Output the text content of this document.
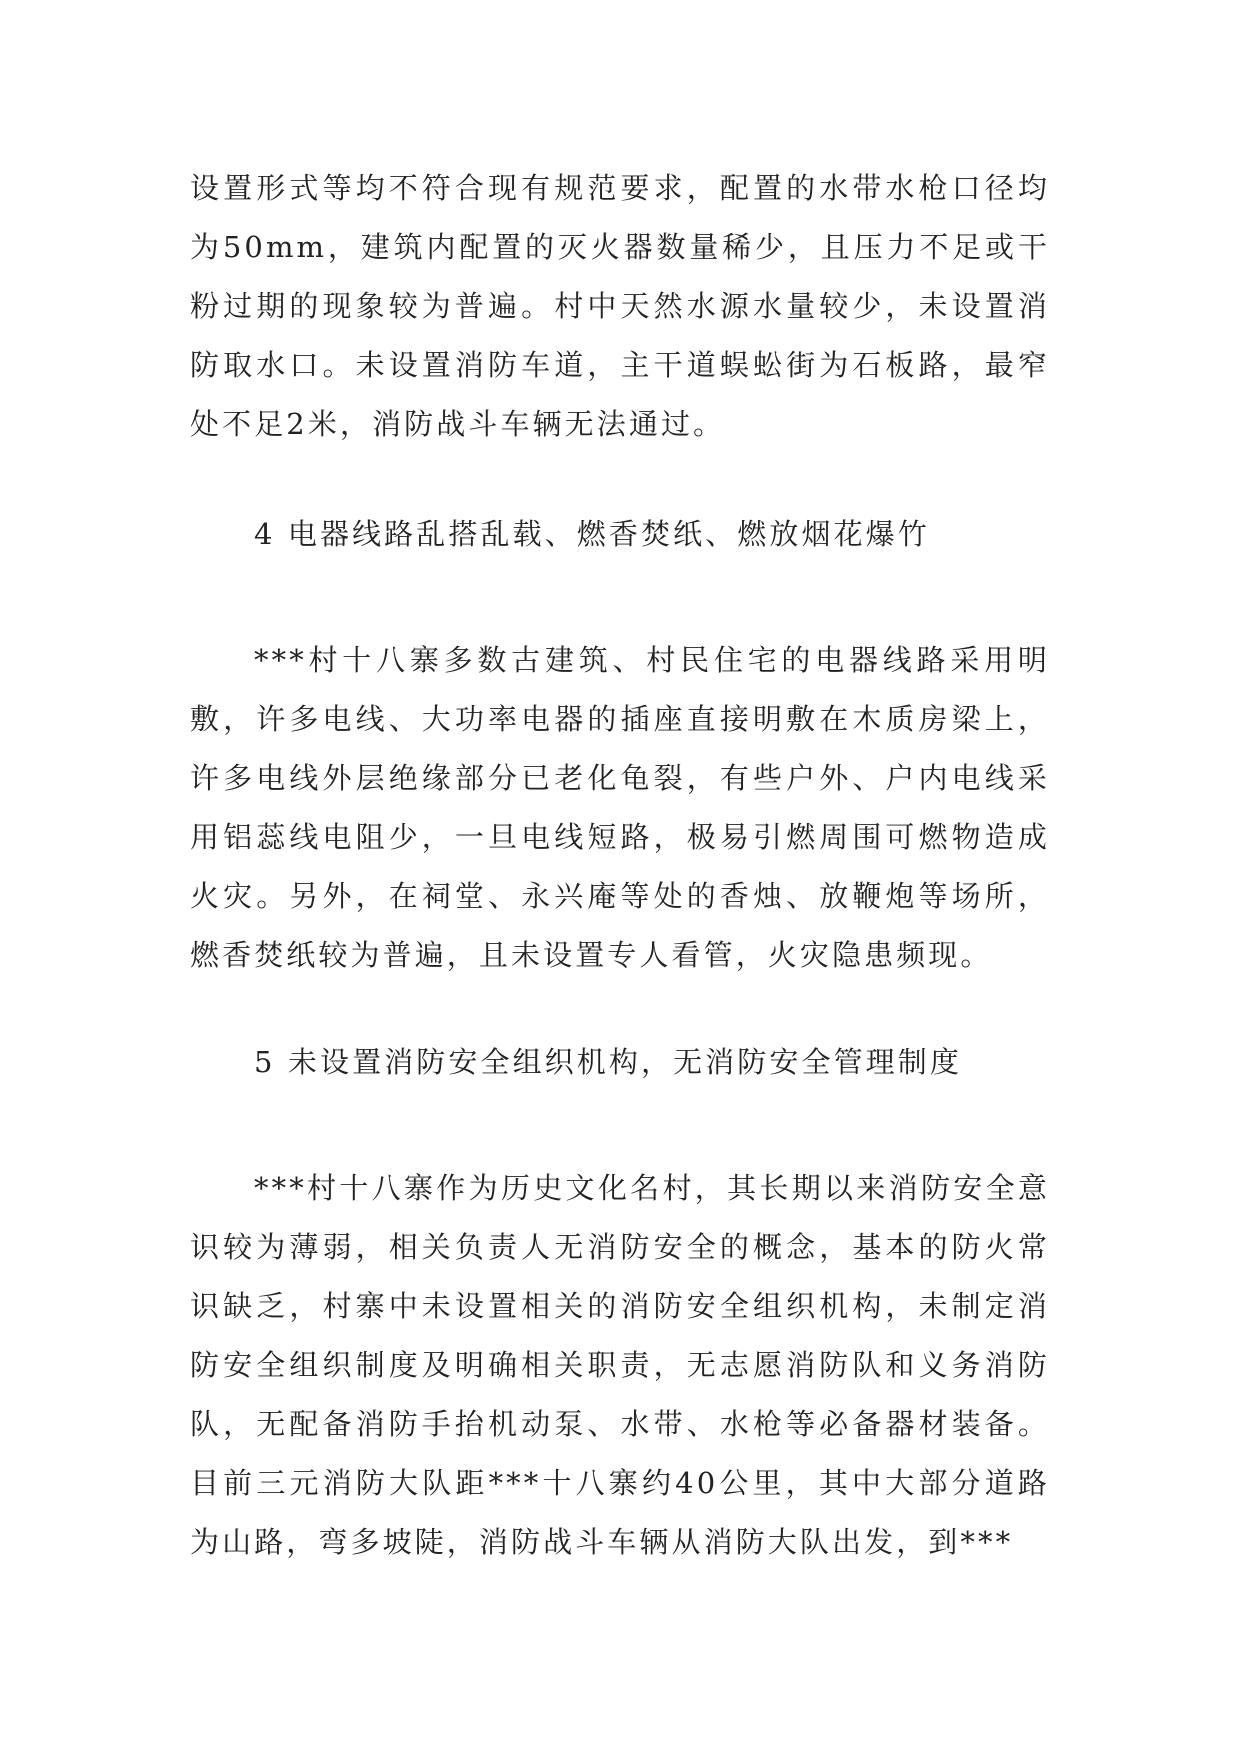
设置形式等均不符合现有规范要求，配置的水带水枪口径均为50mm，建筑内配置的灭火器数量稀少，且压力不足或干粉过期的现象较为普遍。村中天然水源水量较少，未设置消防取水口。未设置消防车道，主干道蜈蚣街为石板路，最窄处不足2米，消防战斗车辆无法通过。

4 电器线路乱搭乱载、燃香焚纸、燃放烟花爆竹

***村十八寨多数古建筑、村民住宅的电器线路采用明敷，许多电线、大功率电器的插座直接明敷在木质房梁上，许多电线外层绝缘部分已老化龟裂，有些户外、户内电线采用铝蕊线电阻少，一旦电线短路，极易引燃周围可燃物造成火灾。另外，在祠堂、永兴庵等处的香烛、放鞭炮等场所，燃香焚纸较为普遍，且未设置专人看管，火灾隐患频现。

5 未设置消防安全组织机构，无消防安全管理制度

***村十八寨作为历史文化名村，其长期以来消防安全意识较为薄弱，相关负责人无消防安全的概念，基本的防火常识缺乏，村寨中未设置相关的消防安全组织机构，未制定消防安全组织制度及明确相关职责，无志愿消防队和义务消防队，无配备消防手抬机动泵、水带、水枪等必备器材装备。目前三元消防大队距***十八寨约40公里，其中大部分道路为山路，弯多坡陡，消防战斗车辆从消防大队出发，到***
